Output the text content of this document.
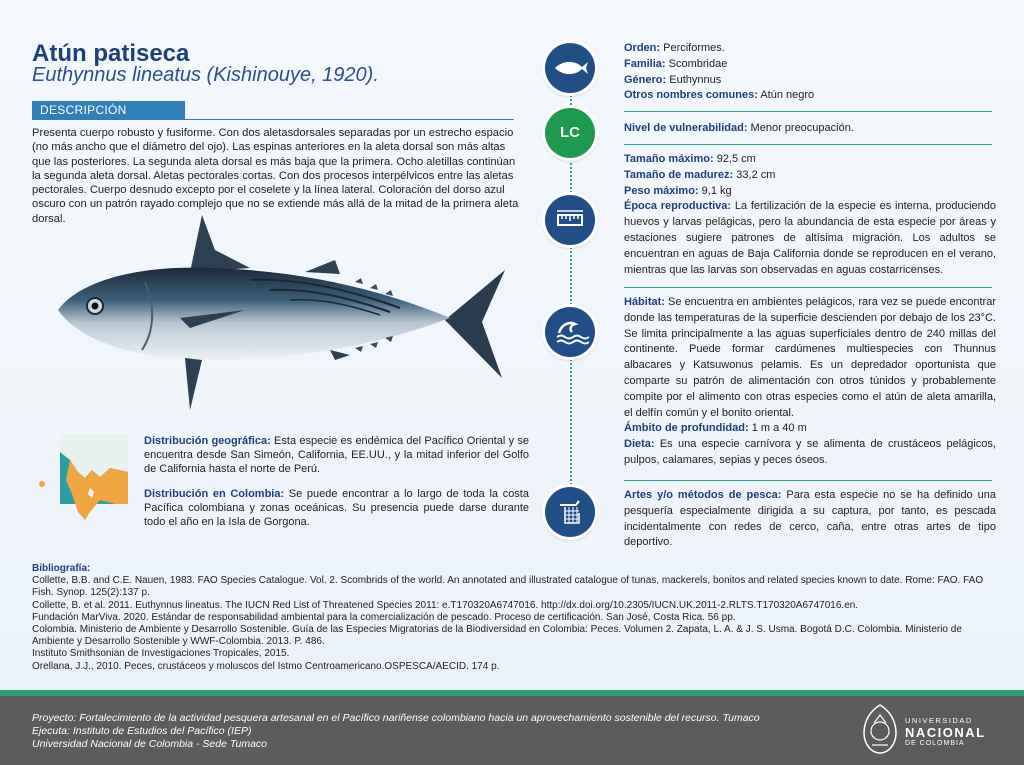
Atún patiseca
Euthynnus lineatus (Kishinouye, 1920).
DESCRIPCIÓN
Presenta cuerpo robusto y fusiforme. Con dos aletasdorsales separadas por un estrecho espacio (no más ancho que el diámetro del ojo). Las espinas anteriores en la aleta dorsal son más altas que las posteriores. La segunda aleta dorsal es más baja que la primera. Ocho aletillas continúan la segunda aleta dorsal. Aletas pectorales cortas. Con dos procesos interpélvicos entre las aletas pectorales. Cuerpo desnudo excepto por el coselete y la línea lateral. Coloración del dorso azul oscuro con un patrón rayado complejo que no se extiende más allá de la mitad de la primera aleta dorsal.
Distribución geográfica: Esta especie es endémica del Pacífico Oriental y se encuentra desde San Simeón, California, EE.UU., y la mitad inferior del Golfo de California hasta el norte de Perú.
Distribución en Colombia: Se puede encontrar a lo largo de toda la costa Pacífica colombiana y zonas oceánicas. Su presencia puede darse durante todo el año en la Isla de Gorgona.
LC
Orden: Perciformes.
Familia: Scombridae
Género: Euthynnus
Otros nombres comunes: Atún negro
Nivel de vulnerabilidad: Menor preocupación.
Tamaño máximo: 92,5 cm
Tamaño de madurez: 33,2 cm
Peso máximo: 9,1 kg
Época reproductiva: La fertilización de la especie es interna, produciendo huevos y larvas pelágicas, pero la abundancia de esta especie por áreas y estaciones sugiere patrones de altísima migración. Los adultos se encuentran en aguas de Baja California donde se reproducen en el verano, mientras que las larvas son observadas en aguas costarricenses.
Hábitat: Se encuentra en ambientes pelágicos, rara vez se puede encontrar donde las temperaturas de la superficie descienden por debajo de los 23°C. Se limita principalmente a las aguas superficiales dentro de 240 millas del continente. Puede formar cardúmenes multiespecies con Thunnus albacares y Katsuwonus pelamis. Es un depredador oportunista que comparte su patrón de alimentación con otros túnidos y probablemente compite por el alimento con otras especies como el atún de aleta amarilla, el delfín común y el bonito oriental.
Ámbito de profundidad: 1 m a 40 m
Dieta: Es una especie carnívora y se alimenta de crustáceos pelágicos, pulpos, calamares, sepias y peces óseos.
Artes y/o métodos de pesca: Para esta especie no se ha definido una pesquería especialmente dirigida a su captura, por tanto, es pescada incidentalmente con redes de cerco, caña, entre otras artes de tipo deportivo.
Bibliografía:
Collette, B.B. and C.E. Nauen, 1983. FAO Species Catalogue. Vol. 2. Scombrids of the world. An annotated and illustrated catalogue of tunas, mackerels, bonitos and related species known to date. Rome: FAO. FAO Fish. Synop. 125(2):137 p.
Collette, B. et al. 2011. Euthynnus lineatus. The IUCN Red List of Threatened Species 2011: e.T170320A6747016. http://dx.doi.org/10.2305/IUCN.UK.2011-2.RLTS.T170320A6747016.en.
Fundación MarViva. 2020. Estándar de responsabilidad ambiental para la comercialización de pescado. Proceso de certificación. San José, Costa Rica. 56 pp.
Colombia. Ministerio de Ambiente y Desarrollo Sostenible. Guía de las Especies Migratorias de la Biodiversidad en Colombia: Peces. Volumen 2. Zapata, L. A. & J. S. Usma. Bogotá D.C. Colombia. Ministerio de Ambiente y Desarrollo Sostenible y WWF-Colombia. 2013. P. 486.
Instituto Smithsonian de Investigaciones Tropicales, 2015.
Orellana, J.J., 2010. Peces, crustáceos y moluscos del Istmo Centroamericano.OSPESCA/AECID. 174 p.
Proyecto: Fortalecimiento de la actividad pesquera artesanal en el Pacífico nariñense colombiano hacia un aprovechamiento sostenible del recurso. Tumaco
Ejecuta: Instituto de Estudios del Pacífico (IEP)
Universidad Nacional de Colombia - Sede Tumaco
UNIVERSIDAD
NACIONAL
DE COLOMBIA
